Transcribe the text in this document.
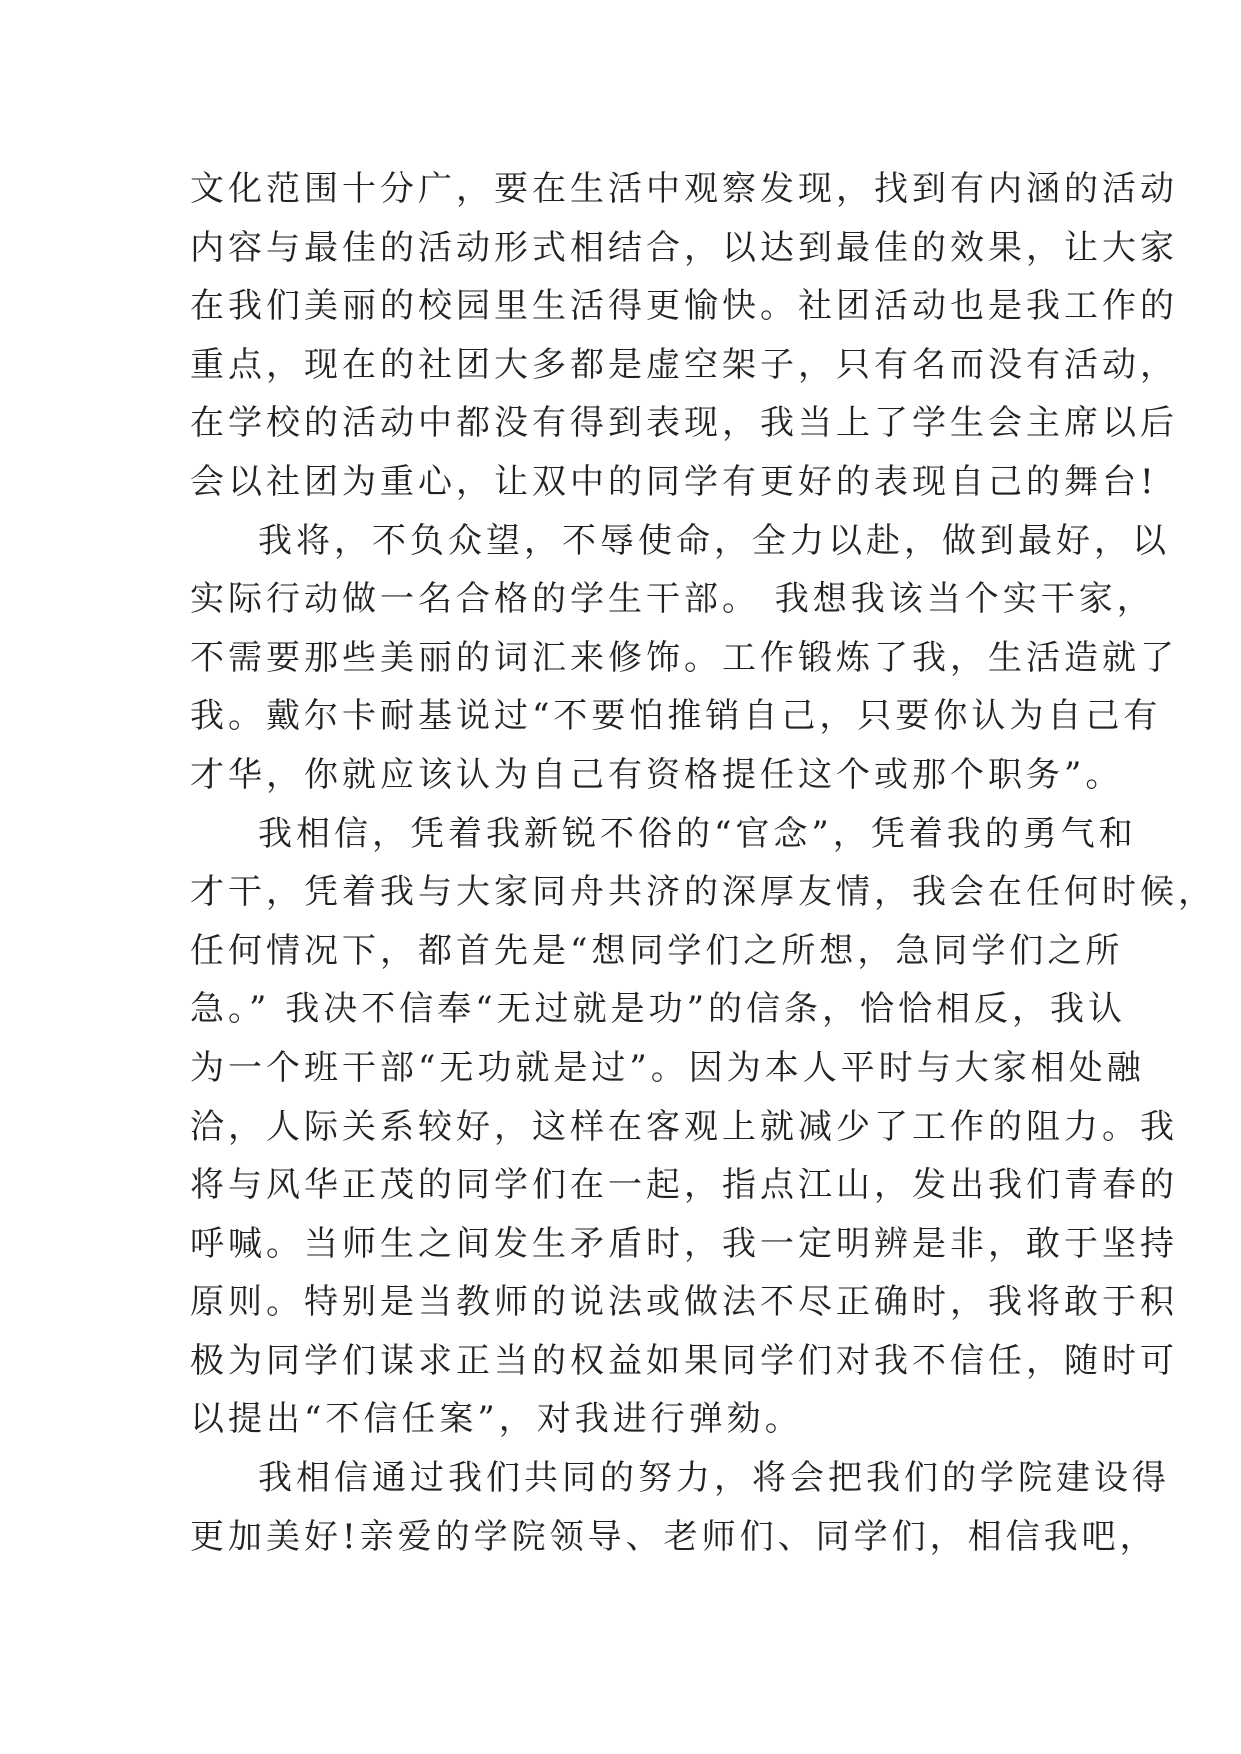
文化范围十分广，要在生活中观察发现，找到有内涵的活动
内容与最佳的活动形式相结合，以达到最佳的效果，让大家
在我们美丽的校园里生活得更愉快。社团活动也是我工作的
重点，现在的社团大多都是虚空架子，只有名而没有活动，
在学校的活动中都没有得到表现，我当上了学生会主席以后
会以社团为重心，让双中的同学有更好的表现自己的舞台!
我将，不负众望，不辱使命，全力以赴，做到最好，以
实际行动做一名合格的学生干部。 我想我该当个实干家，
不需要那些美丽的词汇来修饰。工作锻炼了我，生活造就了
我。戴尔卡耐基说过“不要怕推销自己，只要你认为自己有
才华，你就应该认为自己有资格提任这个或那个职务”。
我相信，凭着我新锐不俗的“官念”，凭着我的勇气和
才干，凭着我与大家同舟共济的深厚友情，我会在任何时候，
任何情况下，都首先是“想同学们之所想，急同学们之所
急。” 我决不信奉“无过就是功”的信条，恰恰相反，我认
为一个班干部“无功就是过”。因为本人平时与大家相处融
洽，人际关系较好，这样在客观上就减少了工作的阻力。我
将与风华正茂的同学们在一起，指点江山，发出我们青春的
呼喊。当师生之间发生矛盾时，我一定明辨是非，敢于坚持
原则。特别是当教师的说法或做法不尽正确时，我将敢于积
极为同学们谋求正当的权益如果同学们对我不信任，随时可
以提出“不信任案”，对我进行弹劾。
我相信通过我们共同的努力，将会把我们的学院建设得
更加美好!亲爱的学院领导、老师们、同学们，相信我吧，
